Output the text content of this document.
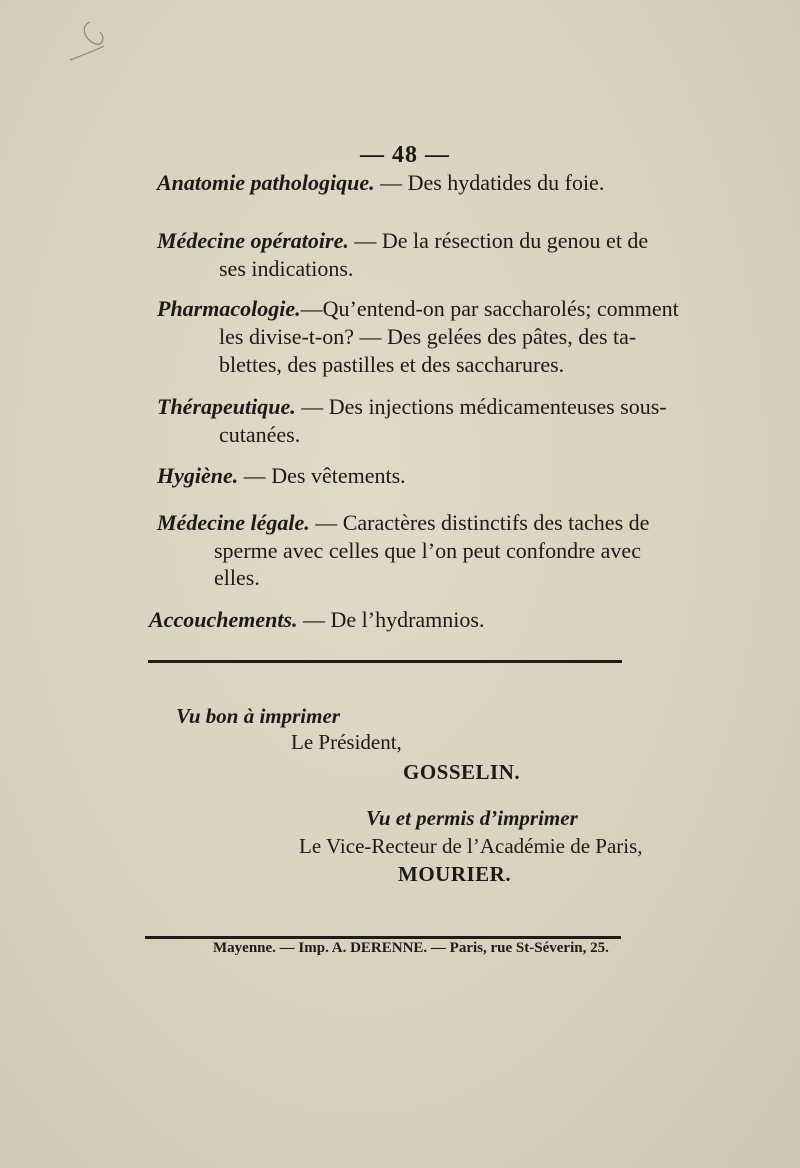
— 48 —
Anatomie pathologique. — Des hydatides du foie.
Médecine opératoire. — De la résection du genou et de
ses indications.
Pharmacologie.—Qu’entend-on par saccharolés; comment
les divise-t-on? — Des gelées des pâtes, des ta-
blettes, des pastilles et des saccharures.
Thérapeutique. — Des injections médicamenteuses sous-
cutanées.
Hygiène. — Des vêtements.
Médecine légale. — Caractères distinctifs des taches de
sperme avec celles que l’on peut confondre avec
elles.
Accouchements. — De l’hydramnios.
Vu bon à imprimer
Le Président,
GOSSELIN.
Vu et permis d’imprimer
Le Vice-Recteur de l’Académie de Paris,
MOURIER.
Mayenne. — Imp. A. DERENNE. — Paris, rue St-Séverin, 25.
